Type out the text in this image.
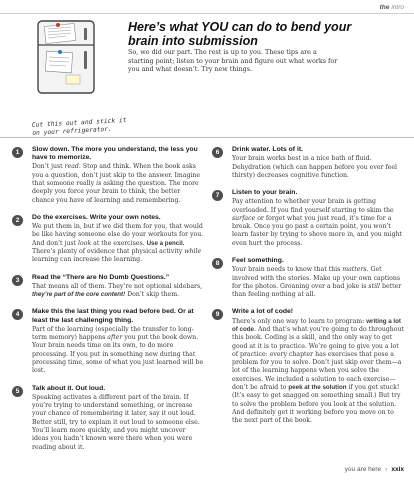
the intro
Here’s what YOU can do to bend your brain into submission

So, we did our part. The rest is up to you. These tips are a starting point; listen to your brain and figure out what works for you and what doesn’t. Try new things.

Cut this out and stick it
on your refrigerator.
1	Slow down. The more you understand, the less you have to memorize.

Don’t just read. Stop and think. When the book asks you a question, don’t just skip to the answer. Imagine that someone really is asking the question. The more deeply you force your brain to think, the better chance you have of learning and remembering.

2	Do the exercises. Write your own notes.

We put them in, but if we did them for you, that would be like having someone else do your workouts for you. And don’t just look at the exercises. Use a pencil. There’s plenty of evidence that physical activity while learning can increase the learning.

3	Read the “There are No Dumb Questions.”

That means all of them. They’re not optional sidebars, they’re part of the core content! Don’t skip them.

4	Make this the last thing you read before bed. Or at least the last challenging thing.

Part of the learning (especially the transfer to long-term memory) happens after you put the book down. Your brain needs time on its own, to do more processing. If you put in something new during that processing time, some of what you just learned will be lost.

5	Talk about it. Out loud.

Speaking activates a different part of the brain. If you’re trying to understand something, or increase your chance of remembering it later, say it out loud. Better still, try to explain it out loud to someone else. You’ll learn more quickly, and you might uncover ideas you hadn’t known were there when you were reading about it.

6	Drink water. Lots of it.

Your brain works best in a nice bath of fluid. Dehydration (which can happen before you ever feel thirsty) decreases cognitive function.

7	Listen to your brain.

Pay attention to whether your brain is getting overloaded. If you find yourself starting to skim the surface or forget what you just read, it’s time for a break. Once you go past a certain point, you won’t learn faster by trying to shove more in, and you might even hurt the process.

8	Feel something.

Your brain needs to know that this matters. Get involved with the stories. Make up your own captions for the photos. Groaning over a bad joke is still better than feeling nothing at all.

9	Write a lot of code!

There’s only one way to learn to program: writing a lot of code. And that’s what you’re going to do throughout this book. Coding is a skill, and the only way to get good at it is to practice. We’re going to give you a lot of practice: every chapter has exercises that pose a problem for you to solve. Don’t just skip over them—a lot of the learning happens when you solve the exercises. We included a solution to each exercise—don’t be afraid to peek at the solution if you get stuck! (It’s easy to get snagged on something small.) But try to solve the problem before you look at the solution. And definitely get it working before you move on to the next part of the book.

you are here › xxix
